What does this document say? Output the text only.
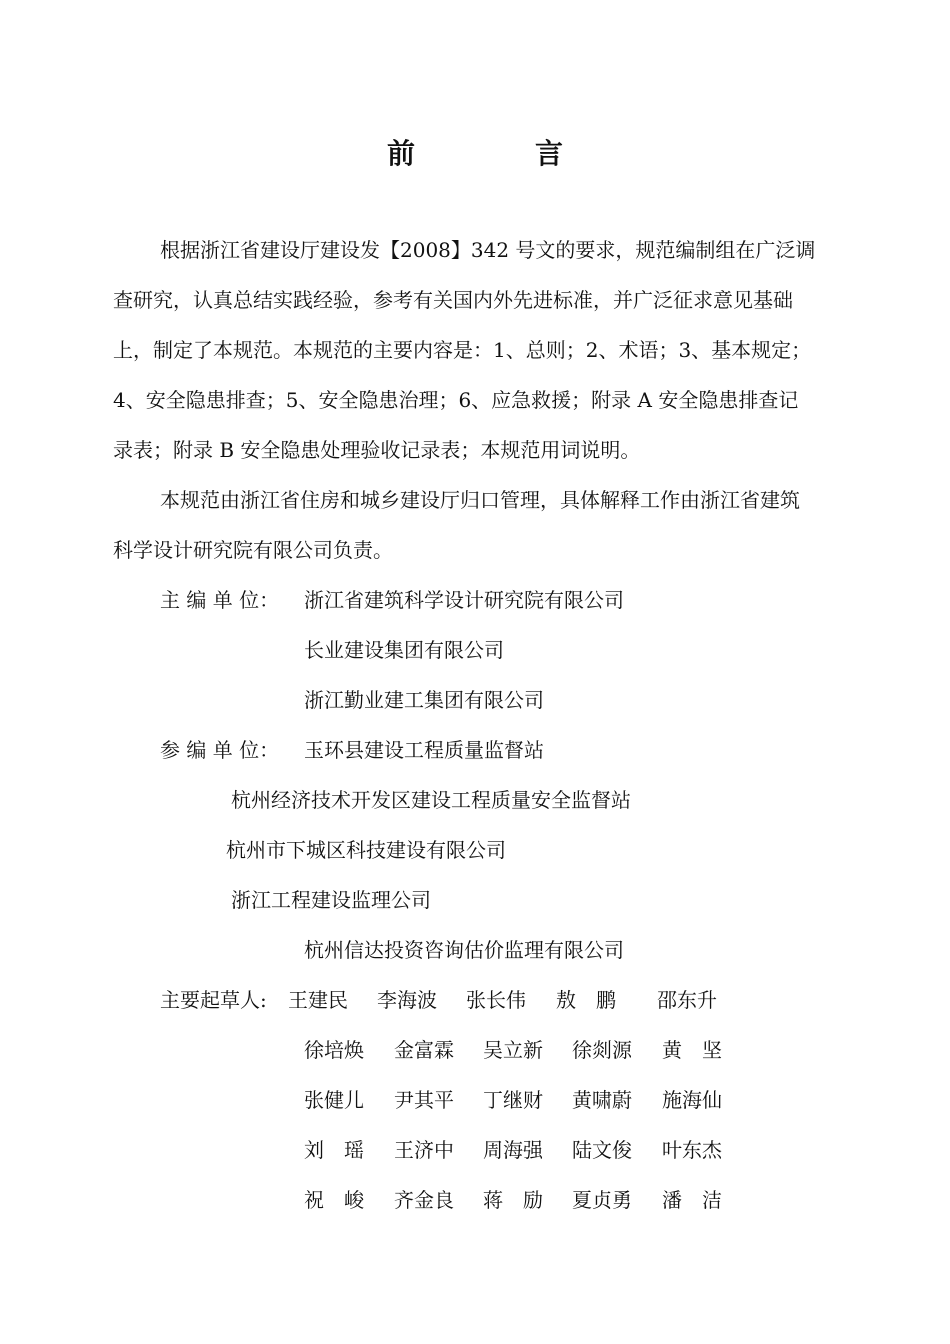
前　言
根据浙江省建设厅建设发【2008】342 号文的要求，规范编制组在广泛调
查研究，认真总结实践经验，参考有关国内外先进标准，并广泛征求意见基础
上，制定了本规范。本规范的主要内容是：1、总则；2、术语；3、基本规定；
4、安全隐患排查；5、安全隐患治理；6、应急救援；附录 A 安全隐患排查记
录表；附录 B 安全隐患处理验收记录表；本规范用词说明。
本规范由浙江省住房和城乡建设厅归口管理，具体解释工作由浙江省建筑
科学设计研究院有限公司负责。
主 编 单 位： 浙江省建筑科学设计研究院有限公司
长业建设集团有限公司
浙江勤业建工集团有限公司
参 编 单 位： 玉环县建设工程质量监督站
杭州经济技术开发区建设工程质量安全监督站
杭州市下城区科技建设有限公司
浙江工程建设监理公司
杭州信达投资咨询估价监理有限公司
主要起草人: 王建民 李海波 张长伟 敖　鹏 邵东升
徐培焕 金富霖 吴立新 徐剡源 黄　坚
张健儿 尹其平 丁继财 黄啸蔚 施海仙
刘　瑶 王济中 周海强 陆文俊 叶东杰
祝　峻 齐金良 蒋　励 夏贞勇 潘　洁
